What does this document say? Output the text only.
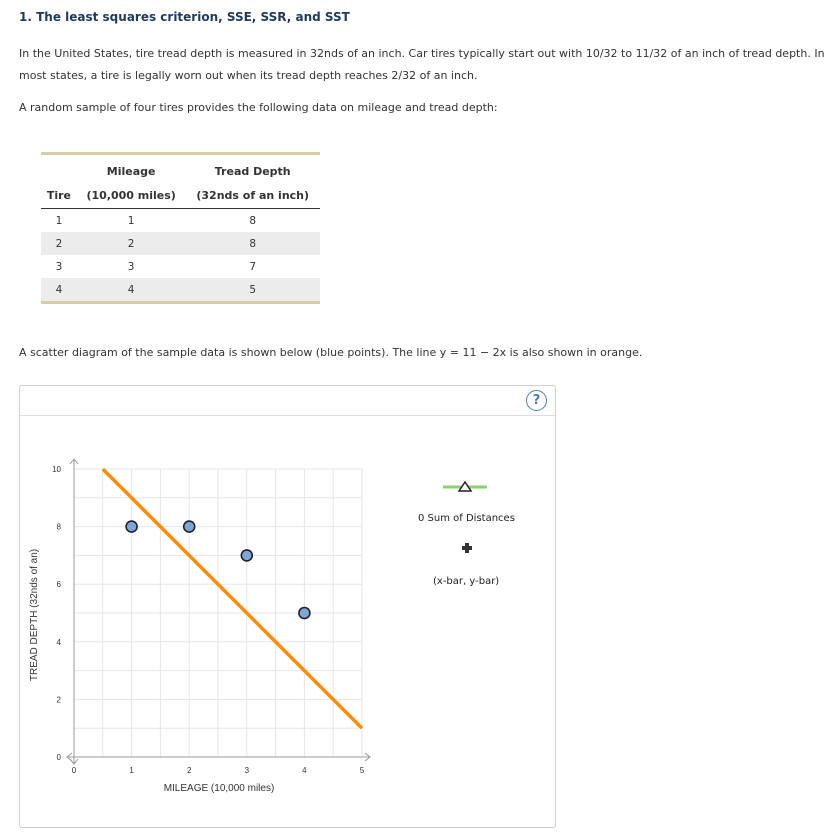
1. The least squares criterion, SSE, SSR, and SST
In the United States, tire tread depth is measured in 32nds of an inch. Car tires typically start out with 10/32 to 11/32 of an inch of tread depth. In most states, a tire is legally worn out when its tread depth reaches 2/32 of an inch.
A random sample of four tires provides the following data on mileage and tread depth:
	Mileage	Tread Depth
Tire	(10,000 miles)	(32nds of an inch)
1	1	8
2	2	8
3	3	7
4	4	5
A scatter diagram of the sample data is shown below (blue points). The line y = 11 − 2x is also shown in orange.
?
0	1	2	3	4	5
0
2
4
6
8
10
MILEAGE (10,000 miles)
TREAD DEPTH (32nds of an)
0 Sum of Distances
(x-bar, y-bar)
